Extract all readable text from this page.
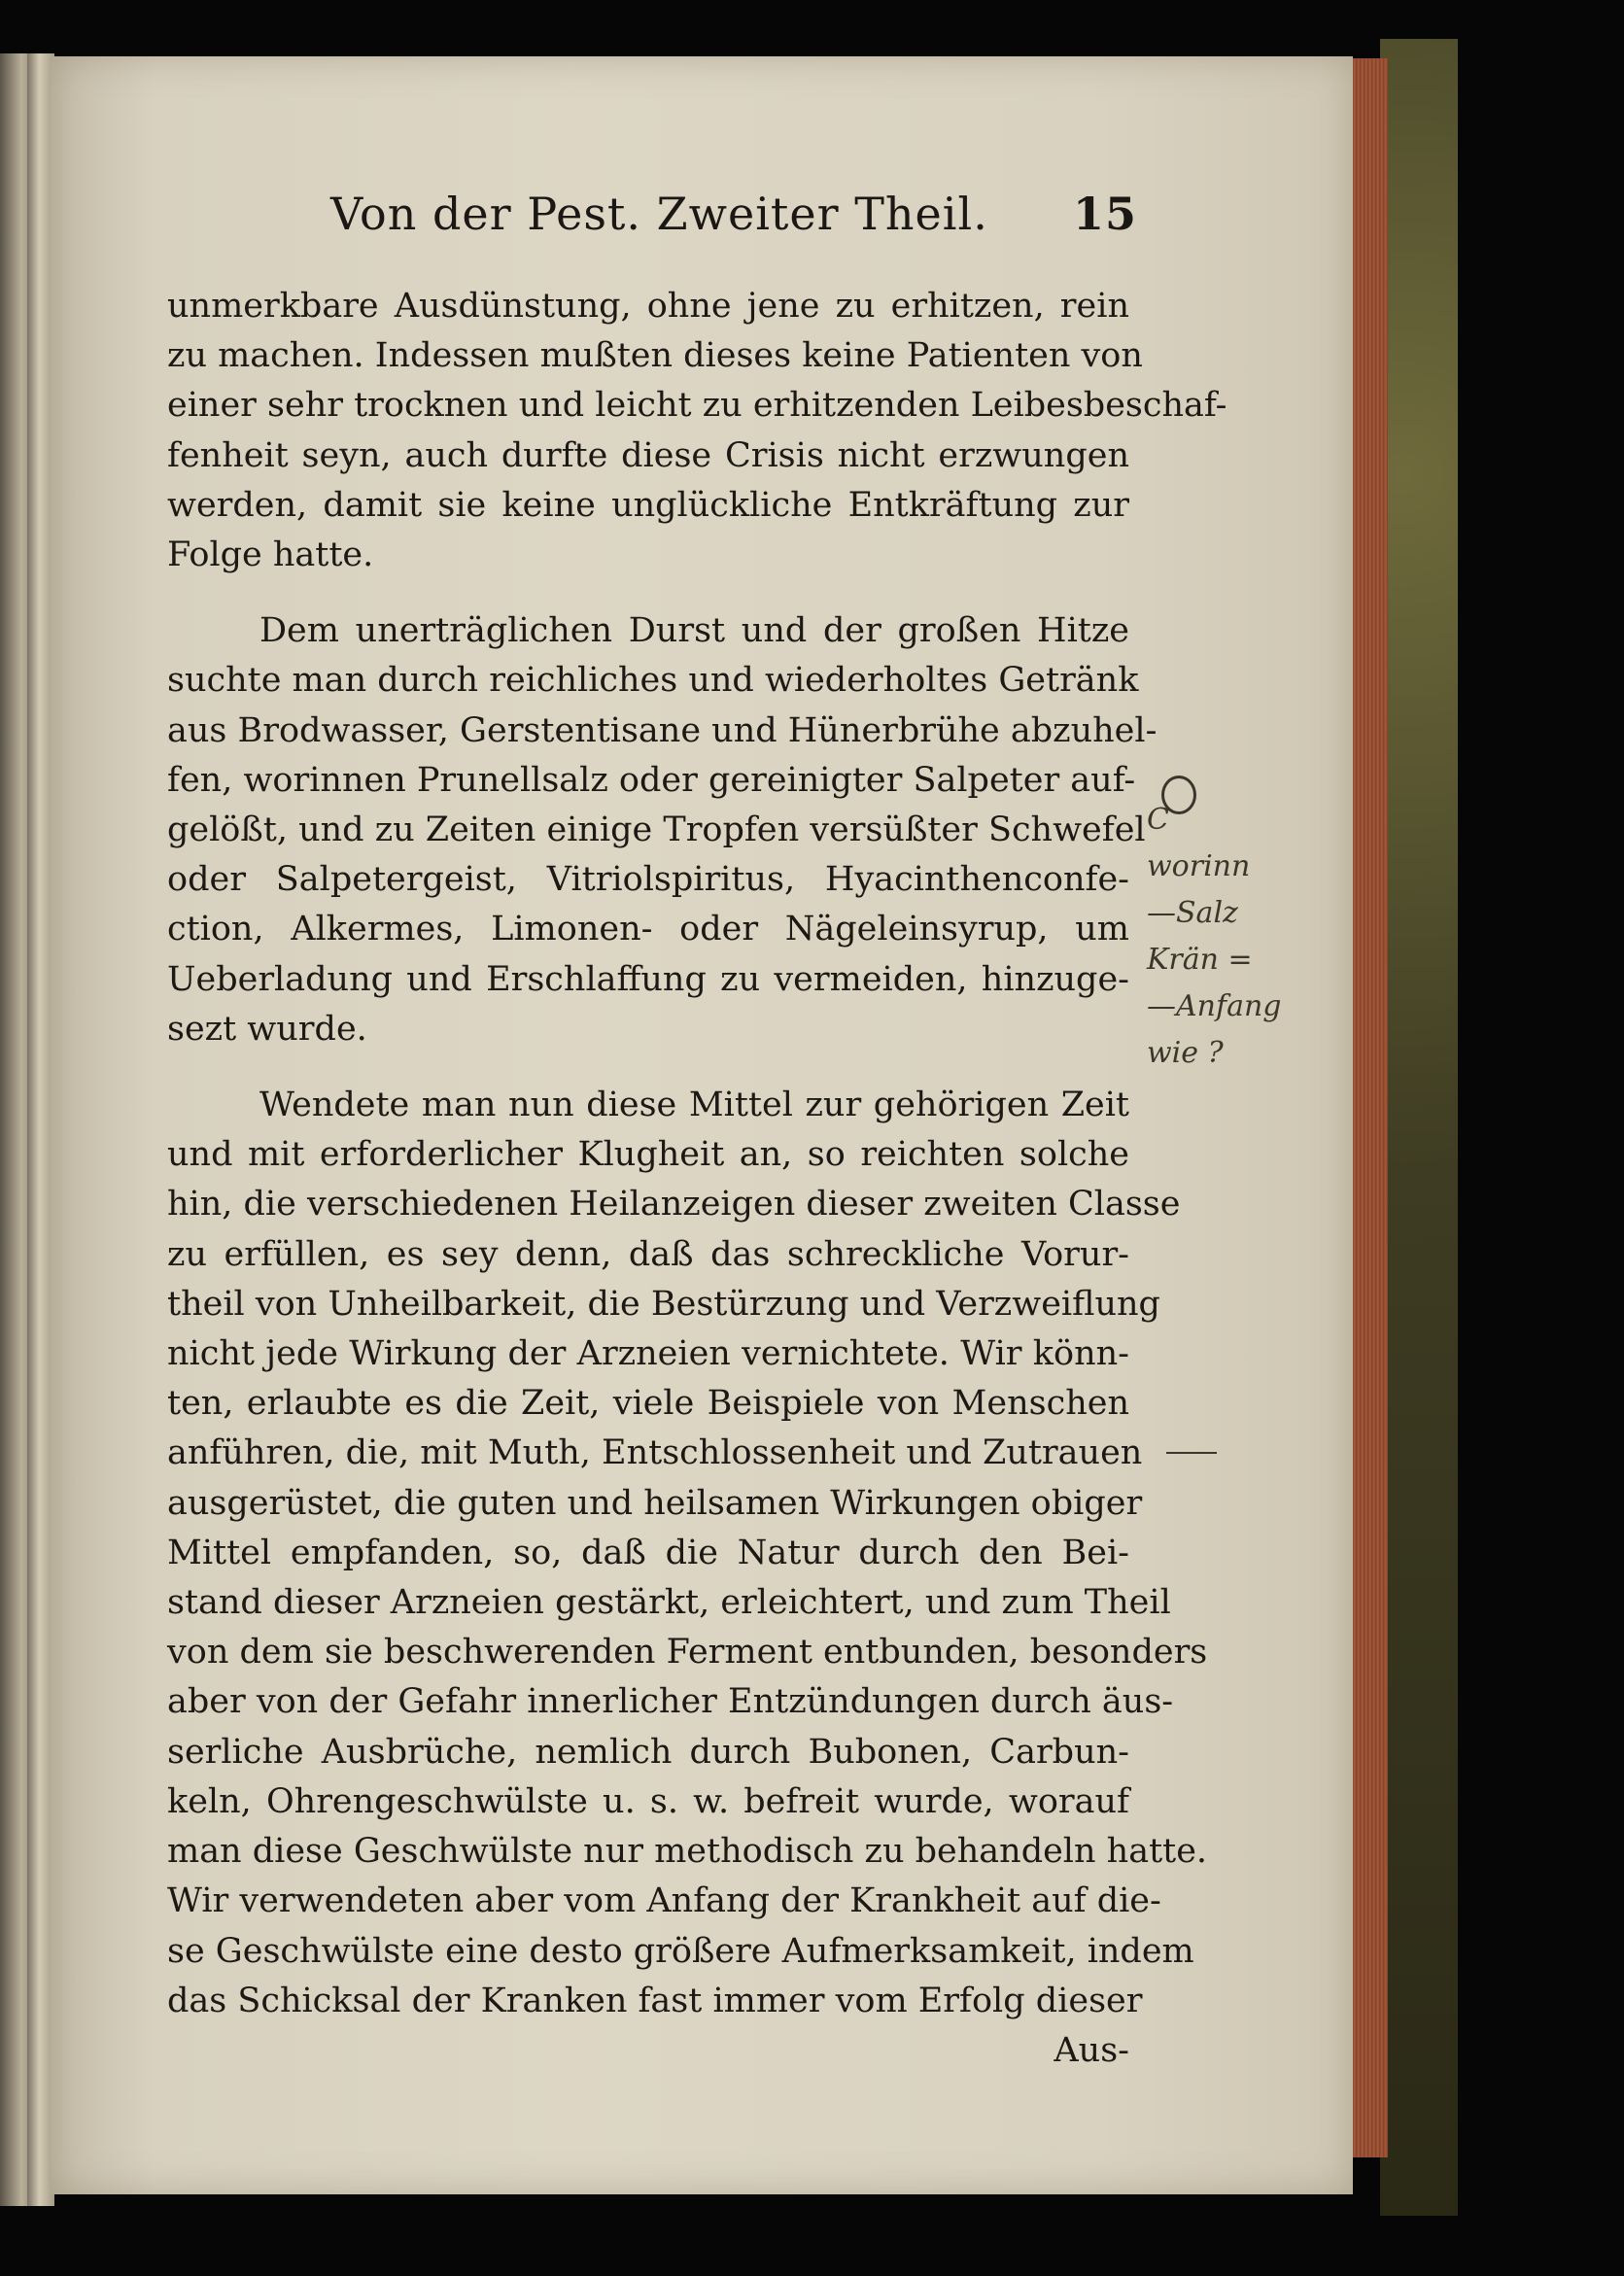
Von der Pest. Zweiter Theil. 15
unmerkbare Ausdünstung, ohne jene zu erhitzen, rein
zu machen. Indessen mußten dieses keine Patienten von
einer sehr trocknen und leicht zu erhitzenden Leibesbeschaf-
fenheit seyn, auch durfte diese Crisis nicht erzwungen
werden, damit sie keine unglückliche Entkräftung zur
Folge hatte.
Dem unerträglichen Durst und der großen Hitze
suchte man durch reichliches und wiederholtes Getränk
aus Brodwasser, Gerstentisane und Hünerbrühe abzuhel-
fen, worinnen Prunellsalz oder gereinigter Salpeter auf-
gelößt, und zu Zeiten einige Tropfen versüßter Schwefel
oder Salpetergeist, Vitriolspiritus, Hyacinthenconfe-
ction, Alkermes, Limonen- oder Nägeleinsyrup, um
Ueberladung und Erschlaffung zu vermeiden, hinzuge-
sezt wurde.
Wendete man nun diese Mittel zur gehörigen Zeit
und mit erforderlicher Klugheit an, so reichten solche
hin, die verschiedenen Heilanzeigen dieser zweiten Classe
zu erfüllen, es sey denn, daß das schreckliche Vorur-
theil von Unheilbarkeit, die Bestürzung und Verzweiflung
nicht jede Wirkung der Arzneien vernichtete. Wir könn-
ten, erlaubte es die Zeit, viele Beispiele von Menschen
anführen, die, mit Muth, Entschlossenheit und Zutrauen
ausgerüstet, die guten und heilsamen Wirkungen obiger
Mittel empfanden, so, daß die Natur durch den Bei-
stand dieser Arzneien gestärkt, erleichtert, und zum Theil
von dem sie beschwerenden Ferment entbunden, besonders
aber von der Gefahr innerlicher Entzündungen durch äus-
serliche Ausbrüche, nemlich durch Bubonen, Carbun-
keln, Ohrengeschwülste u. s. w. befreit wurde, worauf
man diese Geschwülste nur methodisch zu behandeln hatte.
Wir verwendeten aber vom Anfang der Krankheit auf die-
se Geschwülste eine desto größere Aufmerksamkeit, indem
das Schicksal der Kranken fast immer vom Erfolg dieser
Aus-
C
worinn
—Salz
Krän =
—Anfang
wie ?
